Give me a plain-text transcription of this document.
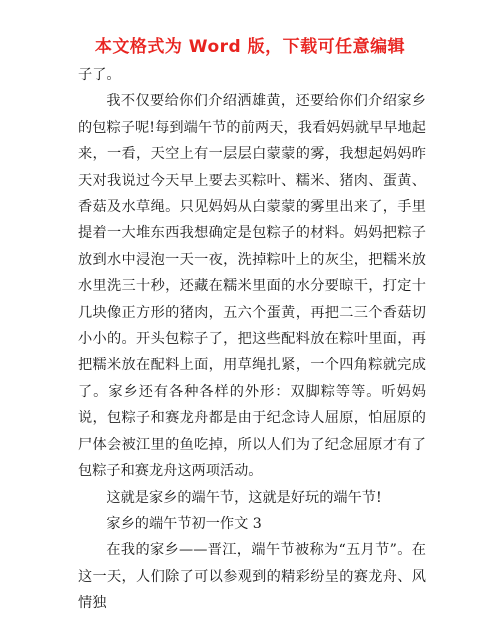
本文格式为 Word 版，下载可任意编辑

子了。

我不仅要给你们介绍洒雄黄，还要给你们介绍家乡的包粽子呢!每到端午节的前两天，我看妈妈就早早地起来，一看，天空上有一层层白蒙蒙的雾，我想起妈妈昨天对我说过今天早上要去买粽叶、糯米、猪肉、蛋黄、香菇及水草绳。只见妈妈从白蒙蒙的雾里出来了，手里提着一大堆东西我想确定是包粽子的材料。妈妈把粽子放到水中浸泡一天一夜，洗掉粽叶上的灰尘，把糯米放水里洗三十秒，还藏在糯米里面的水分要晾干，打定十几块像正方形的猪肉，五六个蛋黄，再把二三个香菇切小小的。开头包粽子了，把这些配料放在粽叶里面，再把糯米放在配料上面，用草绳扎紧，一个四角粽就完成了。家乡还有各种各样的外形：双脚粽等等。听妈妈说，包粽子和赛龙舟都是由于纪念诗人屈原，怕屈原的尸体会被江里的鱼吃掉，所以人们为了纪念屈原才有了包粽子和赛龙舟这两项活动。

这就是家乡的端午节，这就是好玩的端午节!

家乡的端午节初一作文 3

在我的家乡——晋江，端午节被称为“五月节”。在这一天，人们除了可以参观到的精彩纷呈的赛龙舟、风情独
